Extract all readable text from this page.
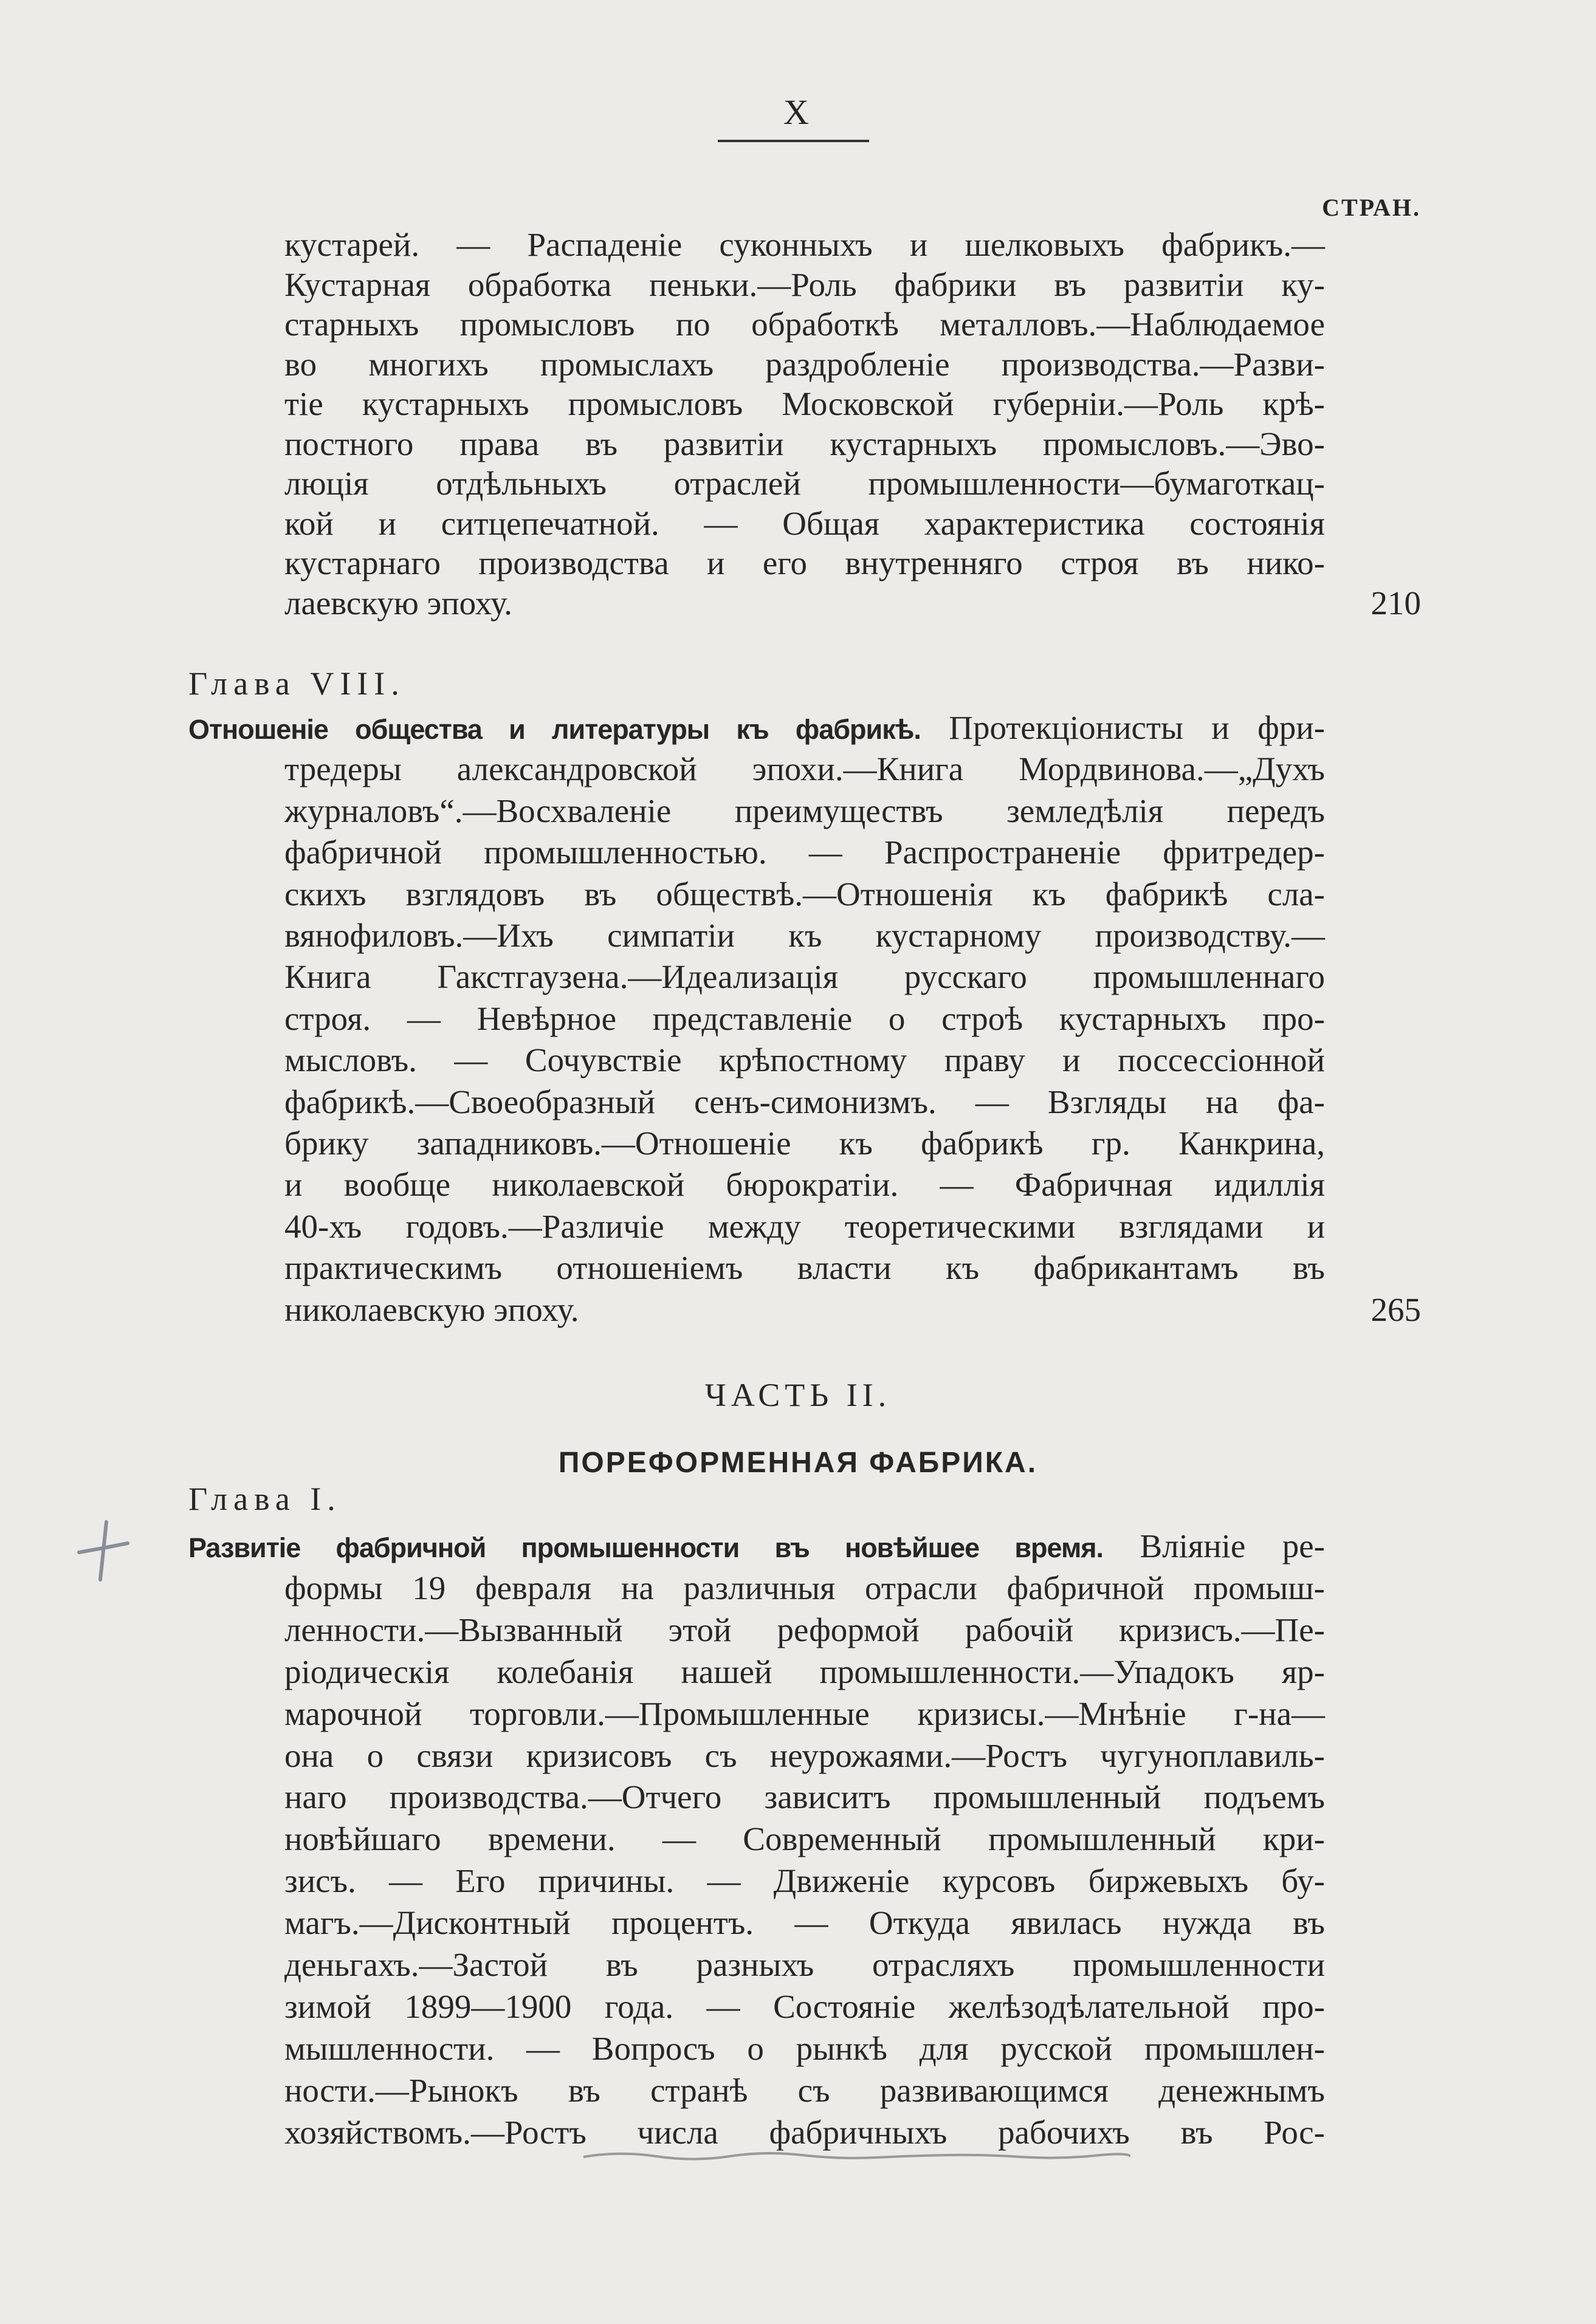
X
СТРАН.
ЧАСТЬ II.
ПОРЕФОРМЕННАЯ ФАБРИКА.
кустарей. — Распаденіе суконныхъ и шелковыхъ фабрикъ.—
Кустарная обработка пеньки.—Роль фабрики въ развитіи ку-
старныхъ промысловъ по обработкѣ металловъ.—Наблюдаемое
во многихъ промыслахъ раздробленіе производства.—Разви-
тіе кустарныхъ промысловъ Московской губерніи.—Роль крѣ-
постного права въ развитіи кустарныхъ промысловъ.—Эво-
люція отдѣльныхъ отраслей промышленности—бумаготкац-
кой и ситцепечатной. — Общая характеристика состоянія
кустарнаго производства и его внутренняго строя въ нико-
210
лаевскую эпоху.
Глава VIII.
Отношеніе общества и литературы къ фабрикѣ. Протекціонисты и фри-
тредеры александровской эпохи.—Книга Мордвинова.—„Духъ
журналовъ“.—Восхваленіе преимуществъ земледѣлія передъ
фабричной промышленностью. — Распространеніе фритредер-
скихъ взглядовъ въ обществѣ.—Отношенія къ фабрикѣ сла-
вянофиловъ.—Ихъ симпатіи къ кустарному производству.—
Книга Гакстгаузена.—Идеализація русскаго промышленнаго
строя. — Невѣрное представленіе о строѣ кустарныхъ про-
мысловъ. — Сочувствіе крѣпостному праву и поссессіонной
фабрикѣ.—Своеобразный сенъ-симонизмъ. — Взгляды на фа-
брику западниковъ.—Отношеніе къ фабрикѣ гр. Канкрина,
и вообще николаевской бюрократіи. — Фабричная идиллія
40-хъ годовъ.—Различіе между теоретическими взглядами и
практическимъ отношеніемъ власти къ фабрикантамъ въ
265
николаевскую эпоху.
Глава I.
Развитіе фабричной промышенности въ новѣйшее время. Вліяніе ре-
формы 19 февраля на различныя отрасли фабричной промыш-
ленности.—Вызванный этой реформой рабочій кризисъ.—Пе-
ріодическія колебанія нашей промышленности.—Упадокъ яр-
марочной торговли.—Промышленные кризисы.—Мнѣніе г-на—
она о связи кризисовъ съ неурожаями.—Ростъ чугуноплавиль-
наго производства.—Отчего зависитъ промышленный подъемъ
новѣйшаго времени. — Современный промышленный кри-
зисъ. — Его причины. — Движеніе курсовъ биржевыхъ бу-
магъ.—Дисконтный процентъ. — Откуда явилась нужда въ
деньгахъ.—Застой въ разныхъ отрасляхъ промышленности
зимой 1899—1900 года. — Состояніе желѣзодѣлательной про-
мышленности. — Вопросъ о рынкѣ для русской промышлен-
ности.—Рынокъ въ странѣ съ развивающимся денежнымъ
хозяйствомъ.—Ростъ числа фабричныхъ рабочихъ въ Рос-
